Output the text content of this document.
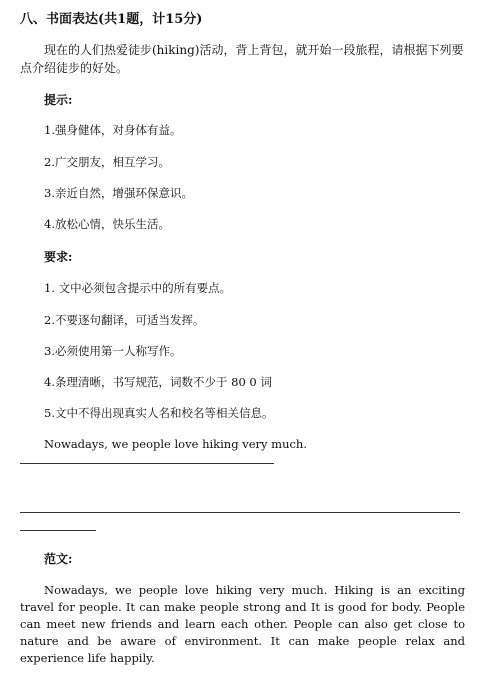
八、书面表达(共1题，计15分)
现在的人们热爱徒步(hiking)活动，背上背包，就开始一段旅程，请根据下列要点介绍徒步的好处。
提示:
1.强身健体，对身体有益。
2.广交朋友，相互学习。
3.亲近自然，增强环保意识。
4.放松心情，快乐生活。
要求:
1. 文中必须包含提示中的所有要点。
2.不要逐句翻译，可适当发挥。
3.必须使用第一人称写作。
4.条理清晰，书写规范，词数不少于 80 0 词
5.文中不得出现真实人名和校名等相关信息。
Nowadays, we people love hiking very much.
范文:
Nowadays, we people love hiking very much. Hiking is an exciting travel for people. It can make people strong and It is good for body. People can meet new friends and learn each other. People can also get close to nature and be aware of environment. It can make people relax and experience life happily.
